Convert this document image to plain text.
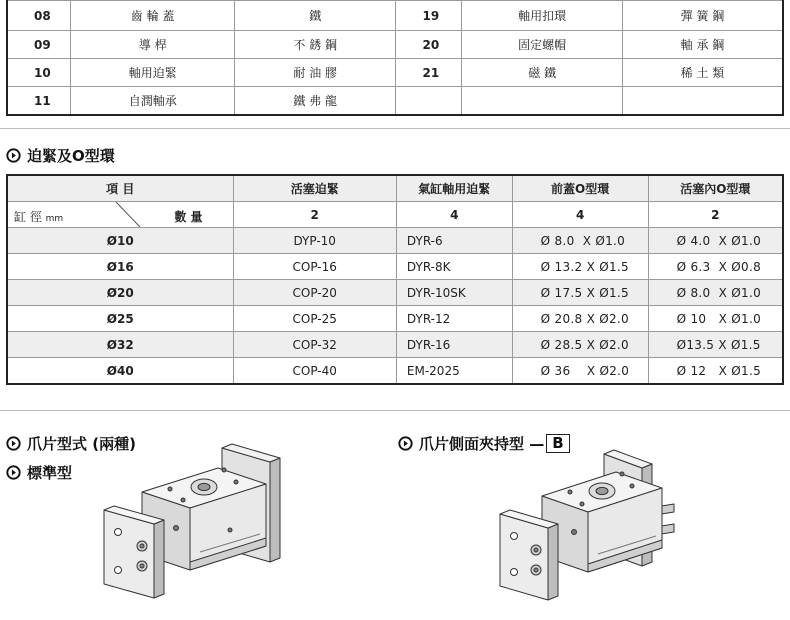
08	齒 輪 蓋	鐵	19	軸用扣環	彈 簧 鋼
09	導 桿	不 銹 鋼	20	固定螺帽	軸 承 鋼
10	軸用迫緊	耐 油 膠	21	磁 鐵	稀 土 類
11	自潤軸承	鐵 弗 龍			
迫緊及O型環
項 目	活塞迫緊	氣缸軸用迫緊	前蓋O型環	活塞內O型環

缸 徑 mm 數 量	2	4	4	2
Ø10	DYP-10	DYR-6	Ø 8.0  X Ø1.0	Ø 4.0  X Ø1.0
Ø16	COP-16	DYR-8K	Ø 13.2 X Ø1.5	Ø 6.3  X Ø0.8
Ø20	COP-20	DYR-10SK	Ø 17.5 X Ø1.5	Ø 8.0  X Ø1.0
Ø25	COP-25	DYR-12	Ø 20.8 X Ø2.0	Ø 10   X Ø1.0
Ø32	COP-32	DYR-16	Ø 28.5 X Ø2.0	Ø13.5 X Ø1.5
Ø40	COP-40	EM-2025	Ø 36    X Ø2.0	Ø 12   X Ø1.5
爪片型式 (兩種)
標準型
爪片側面夾持型 — B
